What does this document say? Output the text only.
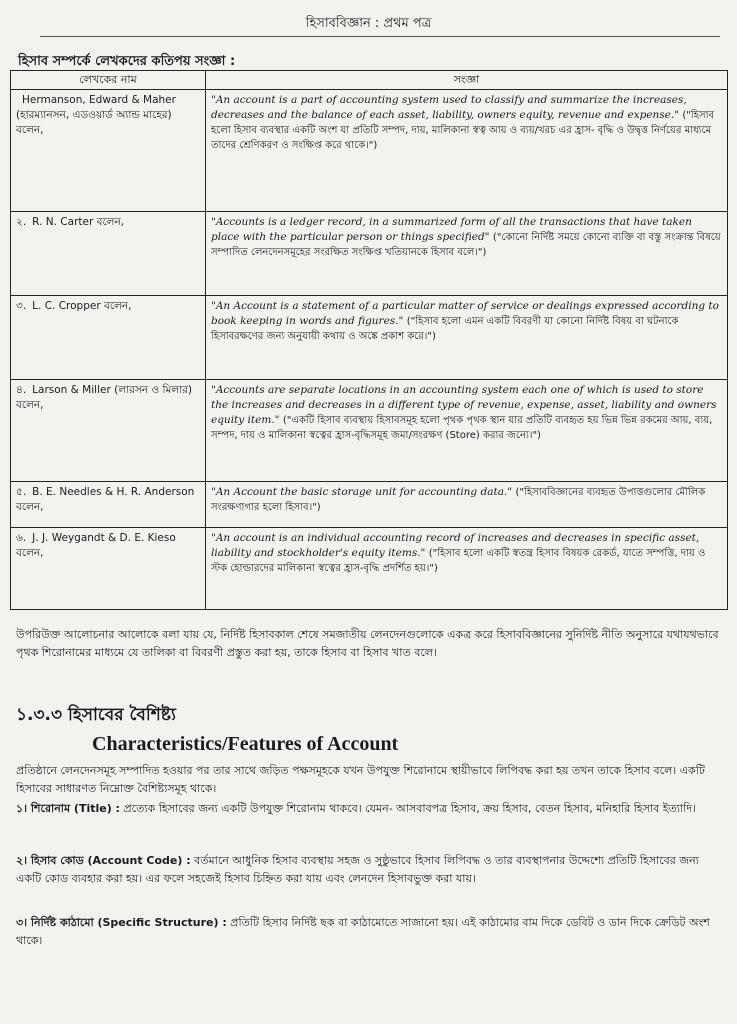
হিসাববিজ্ঞান : প্রথম পত্র
হিসাব সম্পর্কে লেখকদের কতিপয় সংজ্ঞা :
লেখকের নাম	সংজ্ঞা
Hermanson, Edward & Maher (হারম্যানসন, এডওয়ার্ড অ্যান্ড মাহের) বলেন,	"An account is a part of accounting system used to classify and summarize the increases, decreases and the balance of each asset, liability, owners equity, revenue and expense." ("হিসাব হলো হিসাব ব্যবস্থার একটি অংশ যা প্রতিটি সম্পদ, দায়, মালিকানা স্বত্ব আয় ও ব্যয়/খরচ এর হ্রাস- বৃদ্ধি ও উদ্বৃত্ত নির্ণয়ের মাধ্যমে তাদের শ্রেণিকরণ ও সংক্ষিপ্ত করে থাকে।")
২. R. N. Carter বলেন,	"Accounts is a ledger record, in a summarized form of all the transactions that have taken place with the particular person or things specified" ("কোনো নির্দিষ্ট সময়ে কোনো ব্যক্তি বা বস্তু সংক্রান্ত বিষয়ে সম্পাদিত লেনদেনসমূহের সংরক্ষিত সংক্ষিপ্ত খতিয়ানকে হিসাব বলে।")
৩. L. C. Cropper বলেন,	"An Account is a statement of a particular matter of service or dealings expressed according to book keeping in words and figures." ("হিসাব হলো এমন একটি বিবরণী যা কোনো নির্দিষ্ট বিষয় বা ঘটনাকে হিসাবরক্ষণের জন্য অনুযায়ী কথায় ও অঙ্কে প্রকাশ করে।")
৪. Larson & Miller (লারসন ও মিলার) বলেন,	"Accounts are separate locations in an accounting system each one of which is used to store the increases and decreases in a different type of revenue, expense, asset, liability and owners equity item." ("একটি হিসাব ব্যবস্থায় হিসাবসমূহ হলো পৃথক পৃথক স্থান যার প্রতিটি ব্যবহৃত হয় ভিন্ন ভিন্ন রকমের আয়, ব্যয়, সম্পদ, দায় ও মালিকানা স্বত্বের হ্রাস-বৃদ্ধিসমূহ জমা/সংরক্ষণ (Store) করার জন্যে।")
৫. B. E. Needles & H. R. Anderson বলেন,	"An Account the basic storage unit for accounting data." ("হিসাববিজ্ঞানের ব্যবহৃত উপাত্তগুলোর মৌলিক সংরক্ষণাগার হলো হিসাব।")
৬. J. J. Weygandt & D. E. Kieso বলেন,	"An account is an individual accounting record of increases and decreases in specific asset, liability and stockholder's equity items." ("হিসাব হলো একটি স্বতন্ত্র হিসাব বিষয়ক রেকর্ড, যাতে সম্পত্তি, দায় ও স্টক হোল্ডারদের মালিকানা স্বত্বের হ্রাস-বৃদ্ধি প্রদর্শিত হয়।")
উপরিউক্ত আলোচনার আলোকে বলা যায় যে, নির্দিষ্ট হিসাবকাল শেষে সমজাতীয় লেনদেনগুলোকে একত্র করে হিসাববিজ্ঞানের সুনির্দিষ্ট নীতি অনুসারে যথাযথভাবে পৃথক শিরোনামের মাধ্যমে যে তালিকা বা বিবরণী প্রস্তুত করা হয়, তাকে হিসাব বা হিসাব খাত বলে।
১.৩.৩ হিসাবের বৈশিষ্ট্য
Characteristics/Features of Account
প্রতিষ্ঠানে লেনদেনসমূহ সম্পাদিত হওয়ার পর তার সাথে জড়িত পক্ষসমূহকে যখন উপযুক্ত শিরোনামে স্থায়ীভাবে লিপিবদ্ধ করা হয় তখন তাকে হিসাব বলে। একটি হিসাবের সাধারণত নিম্নোক্ত বৈশিষ্ট্যসমূহ থাকে।
১। শিরোনাম (Title) : প্রত্যেক হিসাবের জন্য একটি উপযুক্ত শিরোনাম থাকবে। যেমন- আসবাবপত্র হিসাব, ক্রয় হিসাব, বেতন হিসাব, মনিহারি হিসাব ইত্যাদি।
২। হিসাব কোড (Account Code) : বর্তমানে আধুনিক হিসাব ব্যবস্থায় সহজ ও সুষ্ঠুভাবে হিসাব লিপিবদ্ধ ও তার ব্যবস্থাপনার উদ্দেশ্যে প্রতিটি হিসাবের জন্য একটি কোড ব্যবহার করা হয়। এর ফলে সহজেই হিসাব চিহ্নিত করা যায় এবং লেনদেন হিসাবভুক্ত করা যায়।
৩। নির্দিষ্ট কাঠামো (Specific Structure) : প্রতিটি হিসাব নির্দিষ্ট ছক বা কাঠামোতে সাজানো হয়। এই কাঠামোর বাম দিকে ডেবিট ও ডান দিকে ক্রেডিট অংশ থাকে।
